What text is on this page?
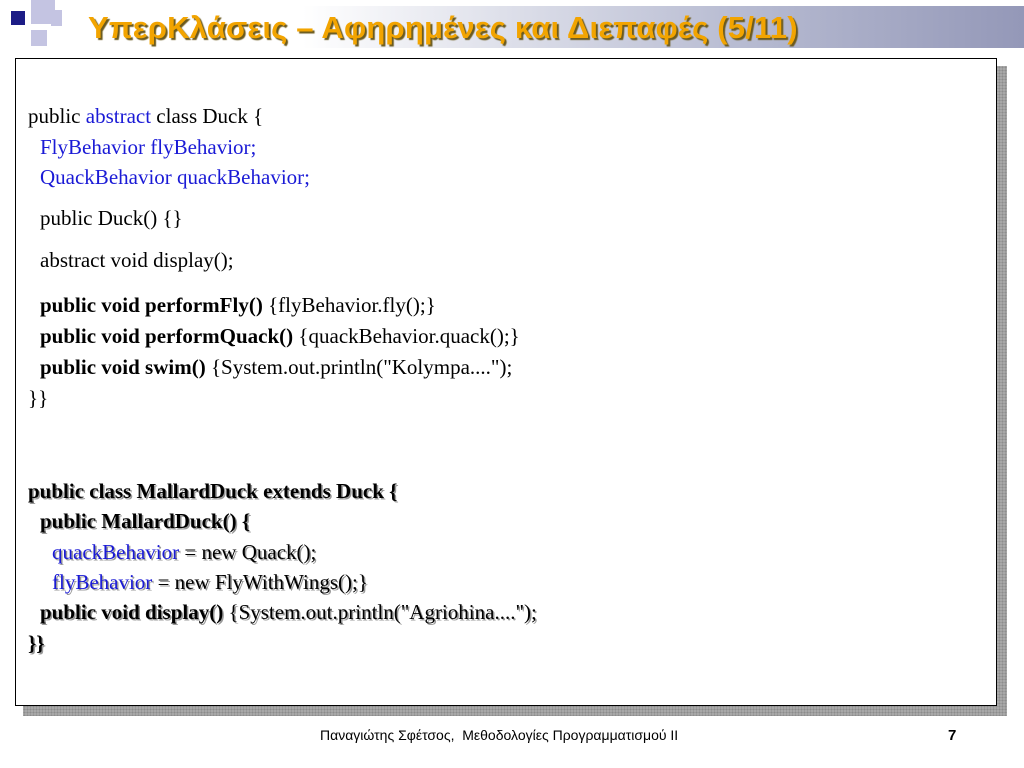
ΥπερΚλάσεις – Αφηρημένες και Διεπαφές (5/11)
public abstract class Duck {
FlyBehavior flyBehavior;
QuackBehavior quackBehavior;
public Duck() {}
abstract void display();
public void performFly() {flyBehavior.fly();}
public void performQuack() {quackBehavior.quack();}
public void swim() {System.out.println("Kolympa....");
}}
public class MallardDuck extends Duck {
public MallardDuck() {
quackBehavior = new Quack();
flyBehavior = new FlyWithWings();}
public void display() {System.out.println("Agriohina....");
}}
Παναγιώτης Σφέτσος,  Μεθοδολογίες Προγραμματισμού ΙΙ	7
